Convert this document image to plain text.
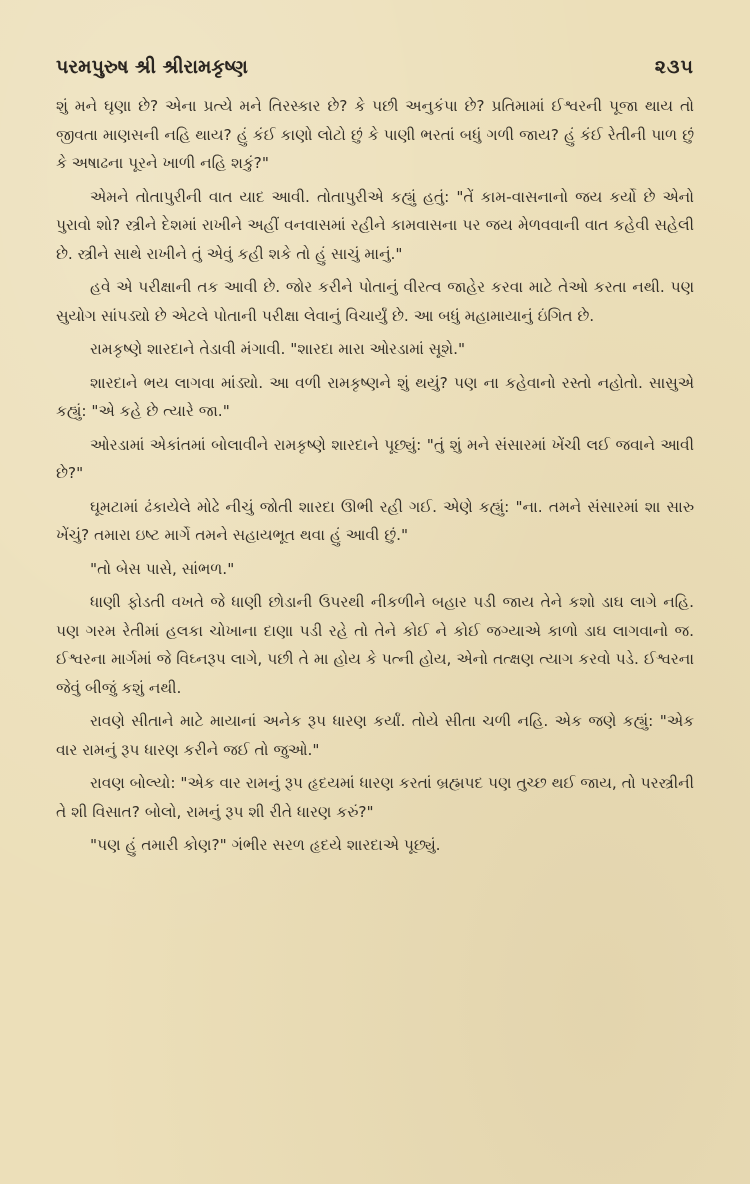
પરમપુરુષ શ્રી શ્રીરામકૃષ્ણ	૨૩૫

શું મને ઘૃણા છે? એના પ્રત્યે મને તિરસ્કાર છે? કે પછી અનુકંપા છે? પ્રતિમામાં ઈશ્વરની પૂજા થાય તો જીવતા માણસની નહિ થાય? હું કંઈ કાણો લોટો છું કે પાણી ભરતાં બધું ગળી જાય? હું કંઈ રેતીની પાળ છું કે અષાઢના પૂરને ખાળી નહિ શકું?"

એમને તોતાપુરીની વાત યાદ આવી. તોતાપુરીએ કહ્યું હતું: "તેં કામ-વાસનાનો જય કર્યો છે એનો પુરાવો શો? સ્ત્રીને દેશમાં રાખીને અહીં વનવાસમાં રહીને કામવાસના પર જય મેળવવાની વાત કહેવી સહેલી છે. સ્ત્રીને સાથે રાખીને તું એવું કહી શકે તો હું સાચું માનું."

હવે એ પરીક્ષાની તક આવી છે. જોર કરીને પોતાનું વીરત્વ જાહેર કરવા માટે તેઓ કરતા નથી. પણ સુયોગ સાંપડ્યો છે એટલે પોતાની પરીક્ષા લેવાનું વિચાર્યું છે. આ બધું મહામાયાનું ઇંગિત છે.

રામકૃષ્ણે શારદાને તેડાવી મંગાવી. "શારદા મારા ઓરડામાં સૂશે."

શારદાને ભય લાગવા માંડ્યો. આ વળી રામકૃષ્ણને શું થયું? પણ ના કહેવાનો રસ્તો નહોતો. સાસુએ કહ્યું: "એ કહે છે ત્યારે જા."

ઓરડામાં એકાંતમાં બોલાવીને રામકૃષ્ણે શારદાને પૂછ્યું: "તું શું મને સંસારમાં ખેંચી લઈ જવાને આવી છે?"

ઘૂમટામાં ઢંકાયેલે મોઢે નીચું જોતી શારદા ઊભી રહી ગઈ. એણે કહ્યું: "ના. તમને સંસારમાં શા સારુ ખેંચું? તમારા ઇષ્ટ માર્ગે તમને સહાયભૂત થવા હું આવી છું."

"તો બેસ પાસે, સાંભળ."

ધાણી ફોડતી વખતે જે ધાણી છોડાની ઉપરથી નીકળીને બહાર પડી જાય તેને કશો ડાઘ લાગે નહિ. પણ ગરમ રેતીમાં હલકા ચોખાના દાણા પડી રહે તો તેને કોઈ ને કોઈ જગ્યાએ કાળો ડાઘ લાગવાનો જ. ઈશ્વરના માર્ગમાં જે વિઘ્નરૂપ લાગે, પછી તે મા હોય કે પત્ની હોય, એનો તત્ક્ષણ ત્યાગ કરવો પડે. ઈશ્વરના જેવું બીજું કશું નથી.

રાવણે સીતાને માટે માયાનાં અનેક રૂપ ધારણ કર્યાં. તોયે સીતા ચળી નહિ. એક જણે કહ્યું: "એક વાર રામનું રૂપ ધારણ કરીને જઈ તો જુઓ."

રાવણ બોલ્યો: "એક વાર રામનું રૂપ હૃદયમાં ધારણ કરતાં બ્રહ્મપદ પણ તુચ્છ થઈ જાય, તો પરસ્ત્રીની તે શી વિસાત? બોલો, રામનું રૂપ શી રીતે ધારણ કરું?"

"પણ હું તમારી કોણ?" ગંભીર સરળ હૃદયે શારદાએ પૂછ્યું.
